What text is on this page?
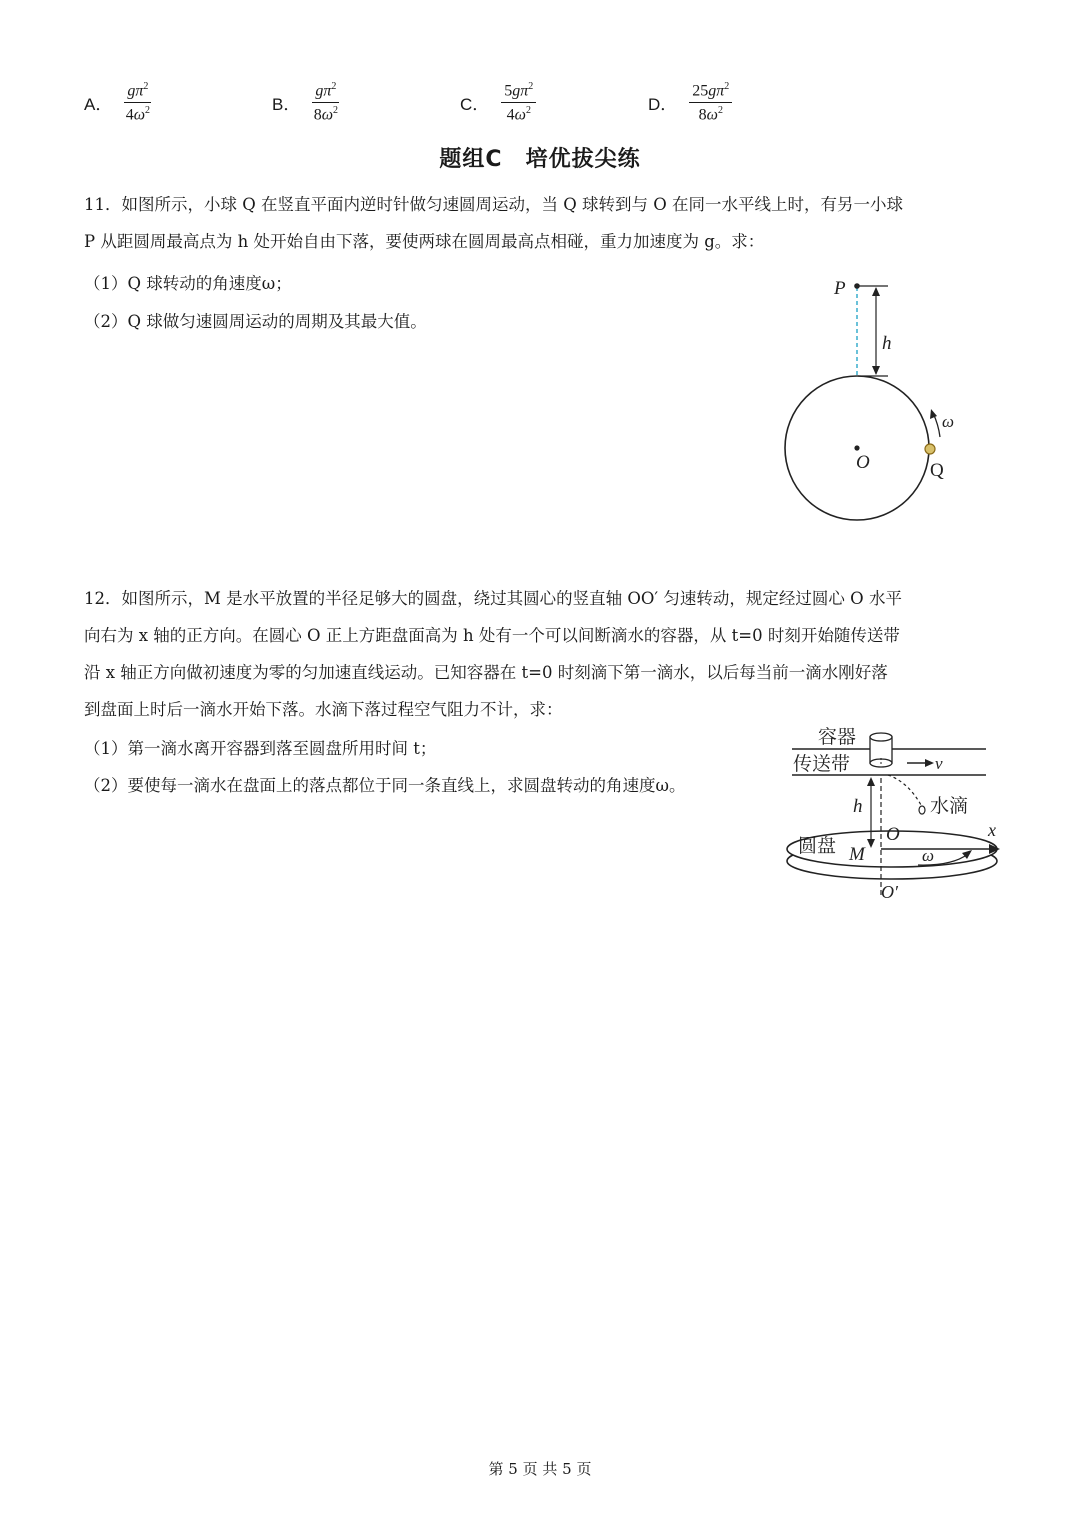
A． $\frac{g\pi^2}{4\omega^2}$	B． $\frac{g\pi^2}{8\omega^2}$	C． $\frac{5g\pi^2}{4\omega^2}$	D． $\frac{25g\pi^2}{8\omega^2}$
题组C　培优拔尖练
11．如图所示，小球 Q 在竖直平面内逆时针做匀速圆周运动，当 Q 球转到与 O 在同一水平线上时，有另一小球
P 从距圆周最高点为 h 处开始自由下落，要使两球在圆周最高点相碰，重力加速度为 g。求：
（1）Q 球转动的角速度ω；
（2）Q 球做匀速圆周运动的周期及其最大值。
P
h
O	Q
ω
12．如图所示，M 是水平放置的半径足够大的圆盘，绕过其圆心的竖直轴 OO′ 匀速转动，规定经过圆心 O 水平
向右为 x 轴的正方向。在圆心 O 正上方距盘面高为 h 处有一个可以间断滴水的容器，从 t=0 时刻开始随传送带
沿 x 轴正方向做初速度为零的匀加速直线运动。已知容器在 t=0 时刻滴下第一滴水，以后每当前一滴水刚好落
到盘面上时后一滴水开始下落。水滴下落过程空气阻力不计，求：
（1）第一滴水离开容器到落至圆盘所用时间 t；
（2）要使每一滴水在盘面上的落点都位于同一条直线上，求圆盘转动的角速度ω。
容器
传送带	v
水滴
h
O	x
圆盘 M	ω
O′
第 5 页 共 5 页
